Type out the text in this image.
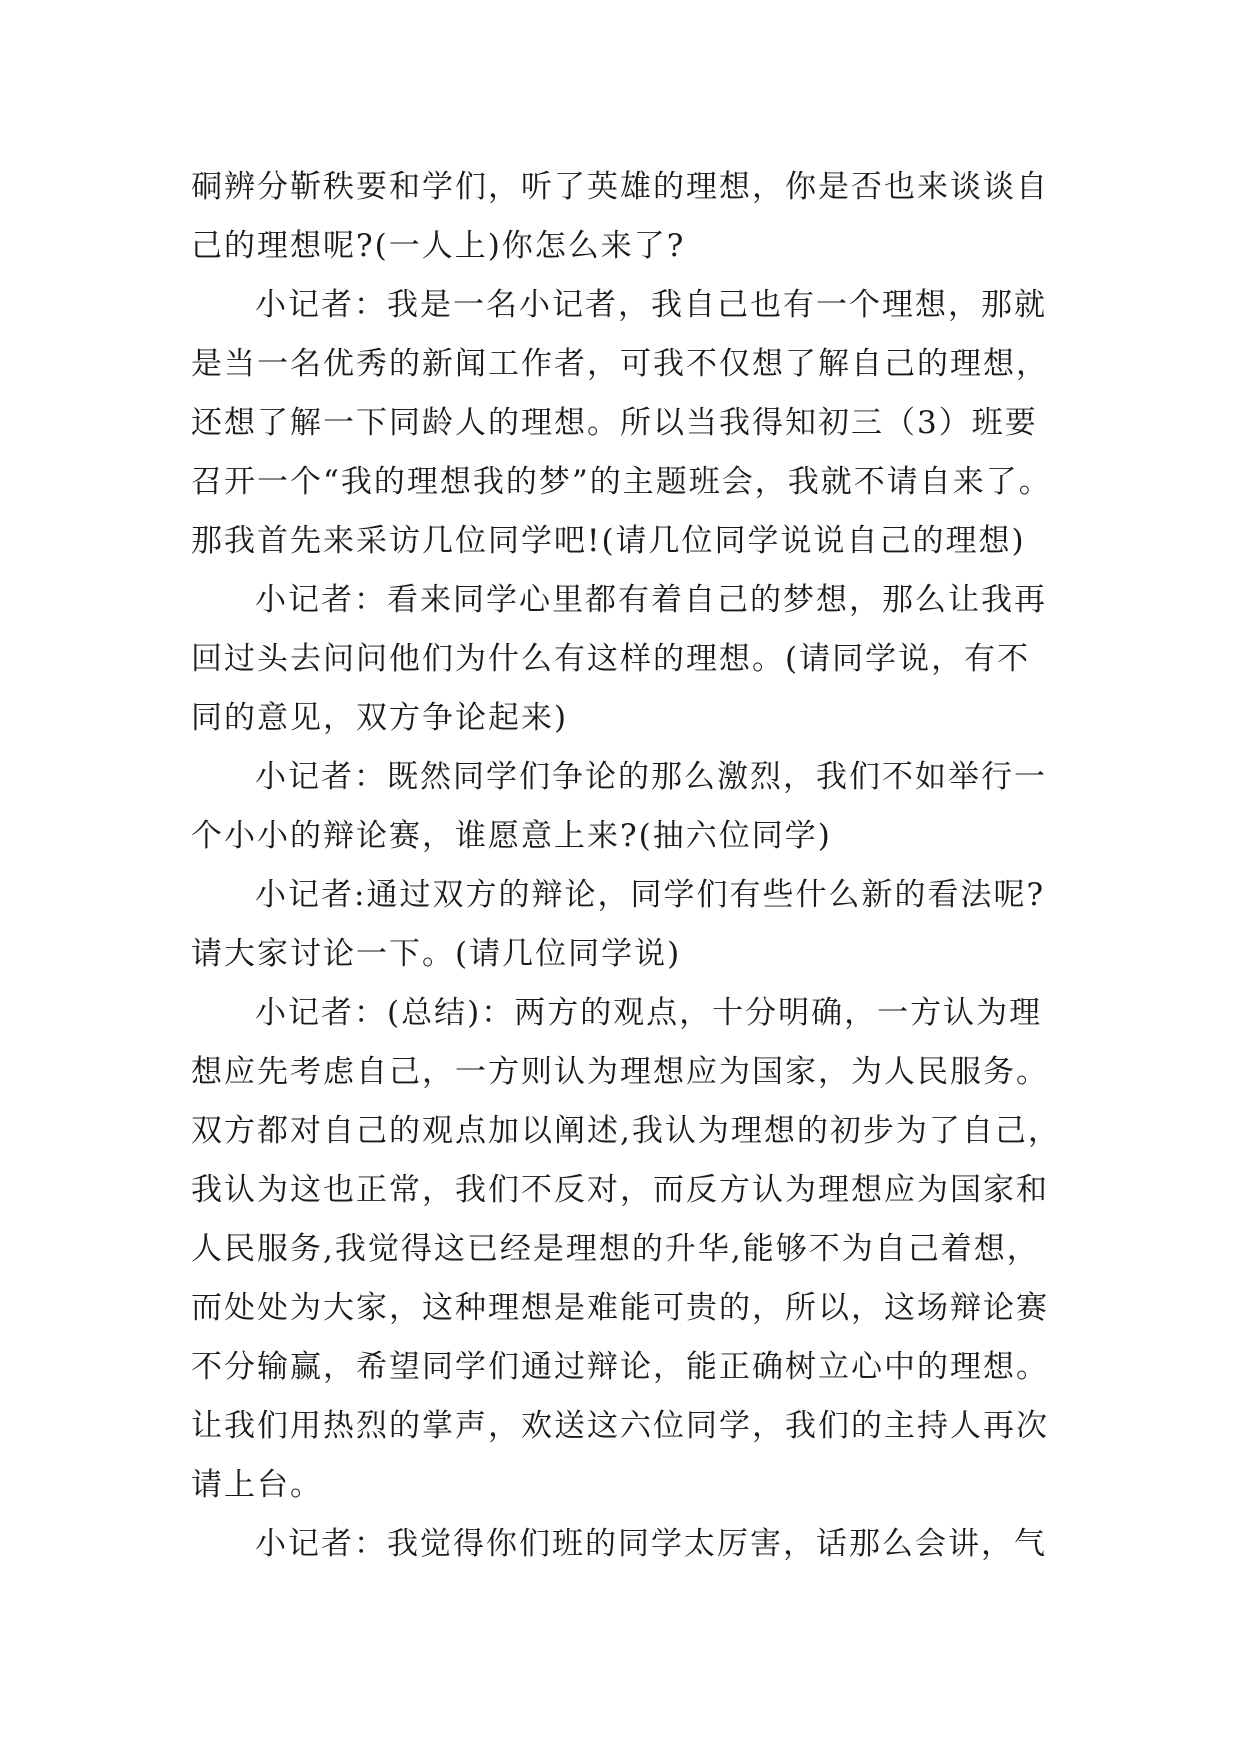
硐辨分靳秩要和学们，听了英雄的理想，你是否也来谈谈自
己的理想呢?(一人上)你怎么来了?

小记者：我是一名小记者，我自己也有一个理想，那就
是当一名优秀的新闻工作者，可我不仅想了解自己的理想，
还想了解一下同龄人的理想。所以当我得知初三（3）班要
召开一个“我的理想我的梦”的主题班会，我就不请自来了。
那我首先来采访几位同学吧!(请几位同学说说自己的理想)

小记者：看来同学心里都有着自己的梦想，那么让我再
回过头去问问他们为什么有这样的理想。(请同学说，有不
同的意见，双方争论起来)

小记者：既然同学们争论的那么激烈，我们不如举行一
个小小的辩论赛，谁愿意上来?(抽六位同学)

小记者:通过双方的辩论，同学们有些什么新的看法呢?
请大家讨论一下。(请几位同学说)

小记者：(总结)：两方的观点，十分明确，一方认为理
想应先考虑自己，一方则认为理想应为国家，为人民服务。
双方都对自己的观点加以阐述,我认为理想的初步为了自己，
我认为这也正常，我们不反对，而反方认为理想应为国家和
人民服务,我觉得这已经是理想的升华,能够不为自己着想，
而处处为大家，这种理想是难能可贵的，所以，这场辩论赛
不分输赢，希望同学们通过辩论，能正确树立心中的理想。
让我们用热烈的掌声，欢送这六位同学，我们的主持人再次
请上台。

小记者：我觉得你们班的同学太厉害，话那么会讲，气
